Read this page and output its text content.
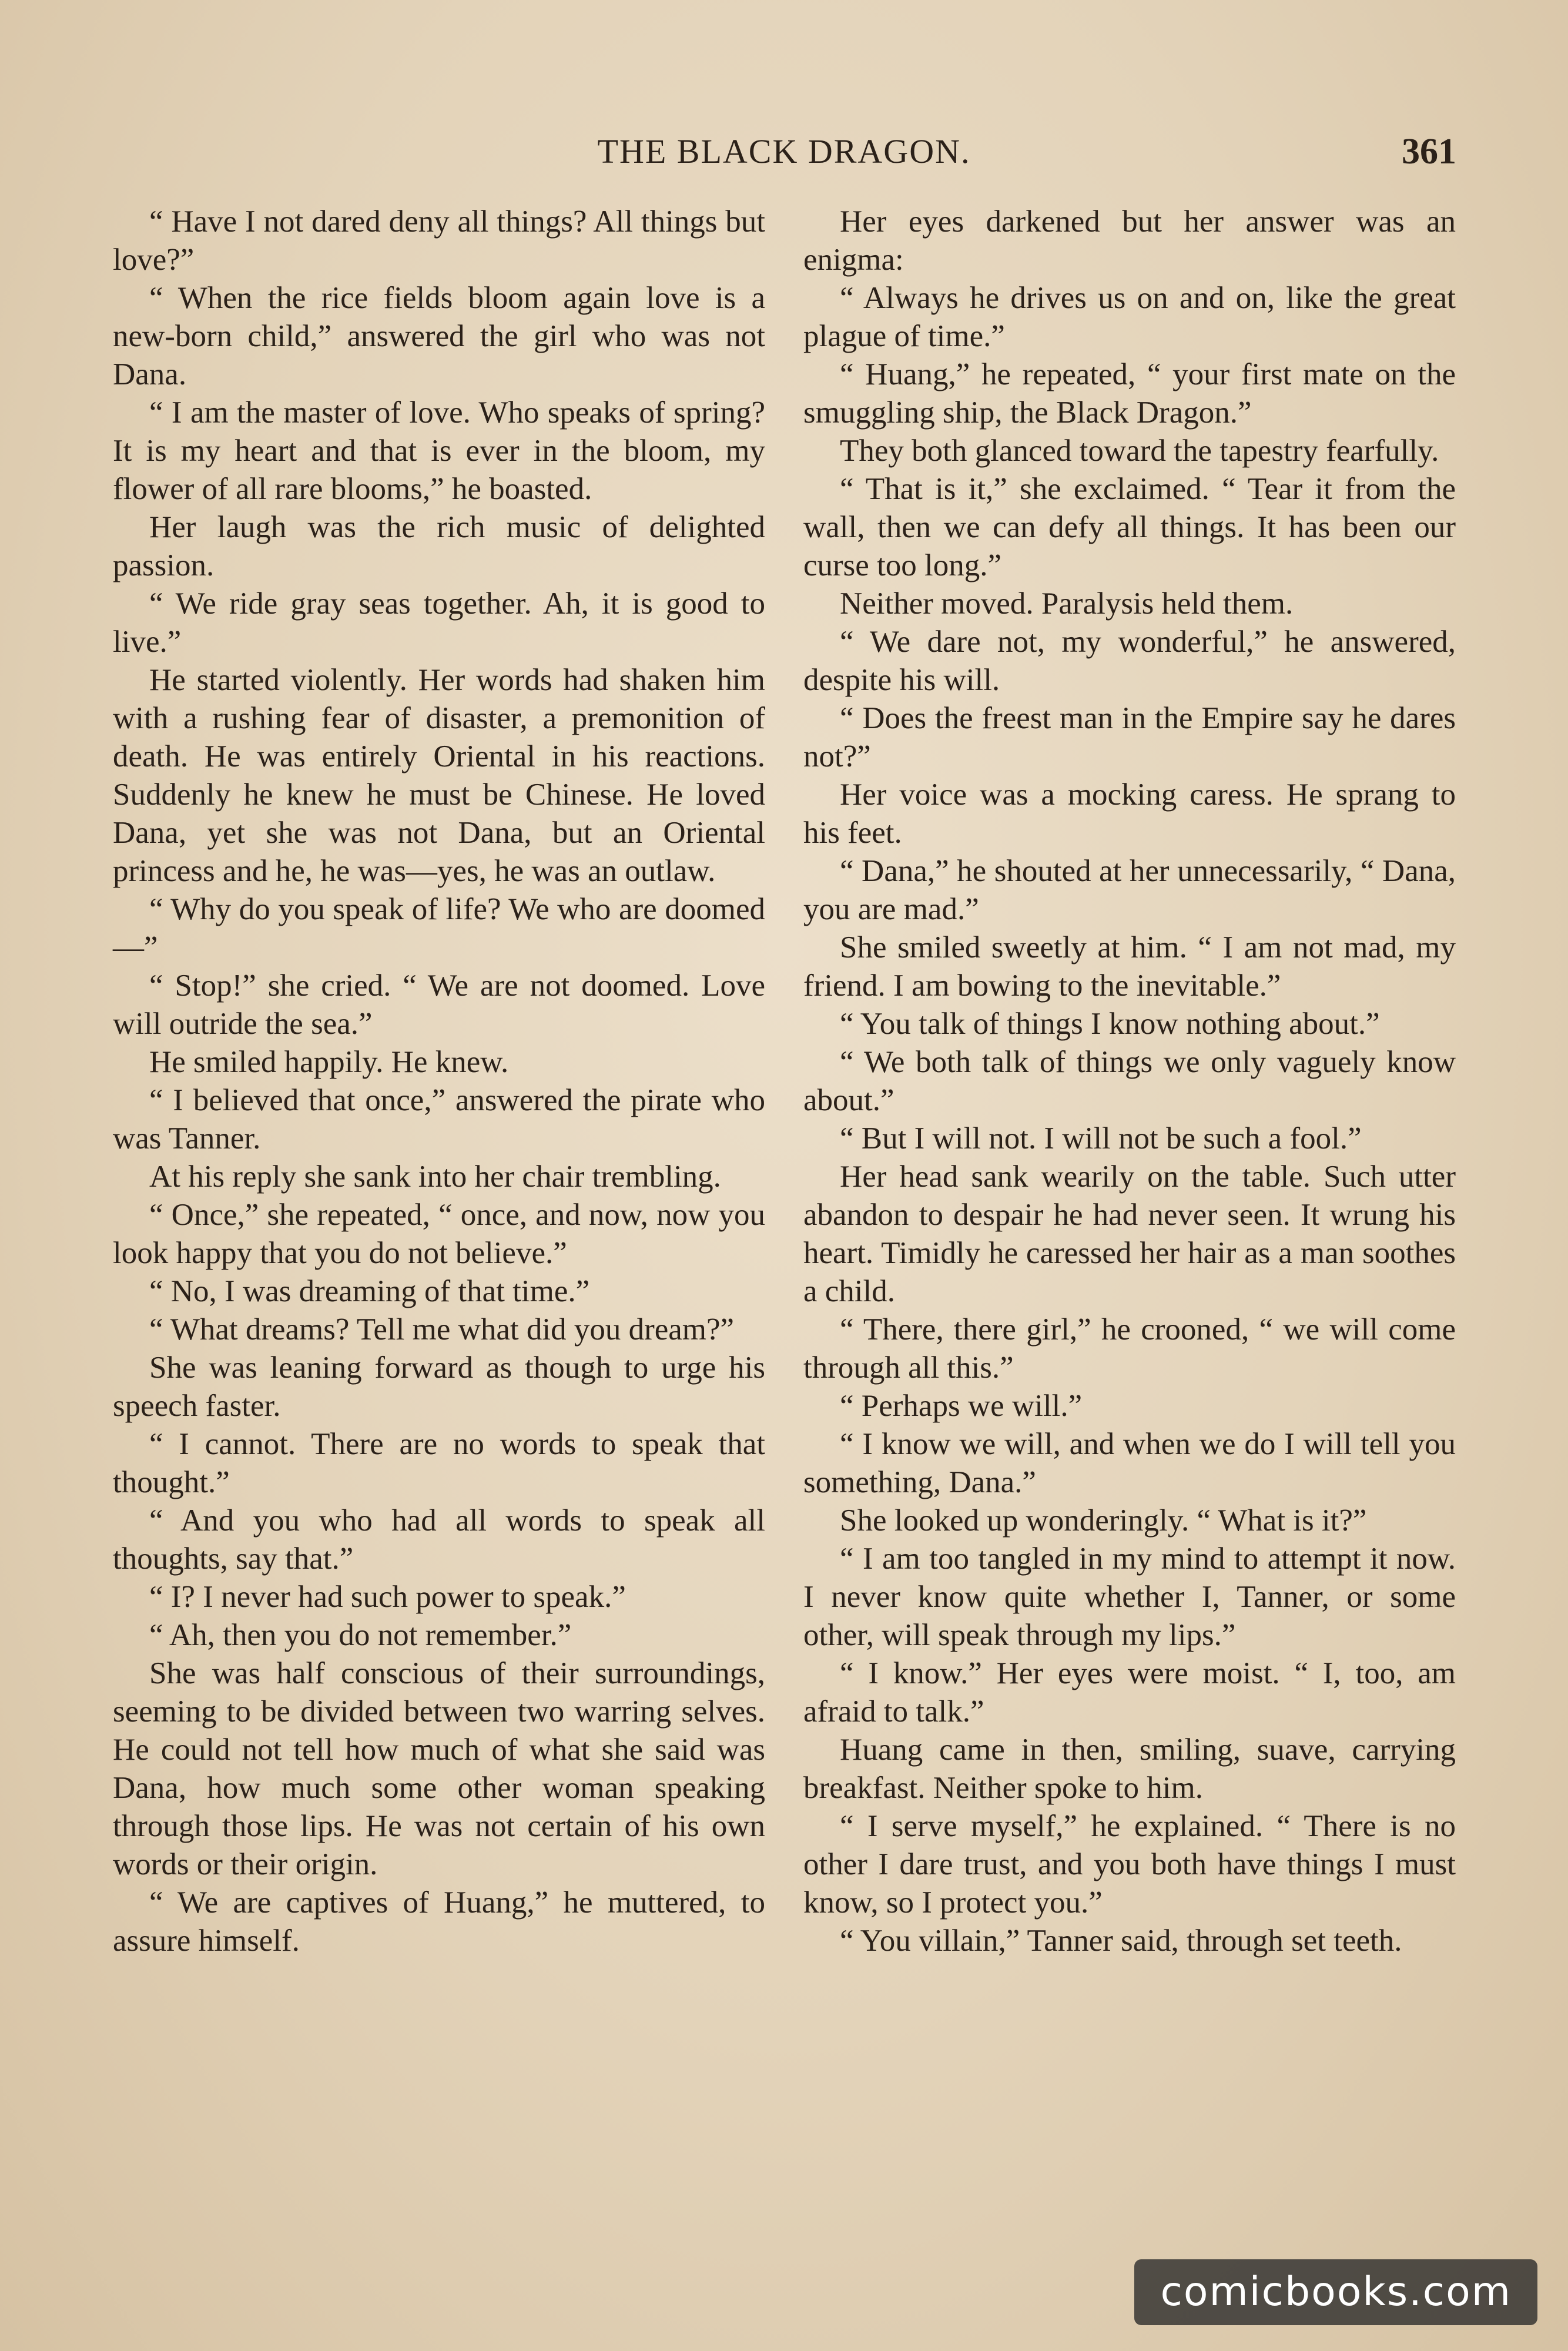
THE BLACK DRAGON.	361

“ Have I not dared deny all things? All things but love?”

“ When the rice fields bloom again love is a new-born child,” answered the girl who was not Dana.

“ I am the master of love. Who speaks of spring? It is my heart and that is ever in the bloom, my flower of all rare blooms,” he boasted.

Her laugh was the rich music of delighted passion.

“ We ride gray seas together. Ah, it is good to live.”

He started violently. Her words had shaken him with a rushing fear of disaster, a premonition of death. He was entirely Oriental in his reactions. Suddenly he knew he must be Chinese. He loved Dana, yet she was not Dana, but an Oriental princess and he, he was—yes, he was an outlaw.

“ Why do you speak of life? We who are doomed—”

“ Stop!” she cried. “ We are not doomed. Love will outride the sea.”

He smiled happily. He knew.

“ I believed that once,” answered the pirate who was Tanner.

At his reply she sank into her chair trembling.

“ Once,” she repeated, “ once, and now, now you look happy that you do not believe.”

“ No, I was dreaming of that time.”

“ What dreams? Tell me what did you dream?”

She was leaning forward as though to urge his speech faster.

“ I cannot. There are no words to speak that thought.”

“ And you who had all words to speak all thoughts, say that.”

“ I? I never had such power to speak.”

“ Ah, then you do not remember.”

She was half conscious of their surroundings, seeming to be divided between two warring selves. He could not tell how much of what she said was Dana, how much some other woman speaking through those lips. He was not certain of his own words or their origin.

“ We are captives of Huang,” he muttered, to assure himself.

Her eyes darkened but her answer was an enigma:

“ Always he drives us on and on, like the great plague of time.”

“ Huang,” he repeated, “ your first mate on the smuggling ship, the Black Dragon.”

They both glanced toward the tapestry fearfully.

“ That is it,” she exclaimed. “ Tear it from the wall, then we can defy all things. It has been our curse too long.”

Neither moved. Paralysis held them.

“ We dare not, my wonderful,” he answered, despite his will.

“ Does the freest man in the Empire say he dares not?”

Her voice was a mocking caress. He sprang to his feet.

“ Dana,” he shouted at her unnecessarily, “ Dana, you are mad.”

She smiled sweetly at him. “ I am not mad, my friend. I am bowing to the inevitable.”

“ You talk of things I know nothing about.”

“ We both talk of things we only vaguely know about.”

“ But I will not. I will not be such a fool.”

Her head sank wearily on the table. Such utter abandon to despair he had never seen. It wrung his heart. Timidly he caressed her hair as a man soothes a child.

“ There, there girl,” he crooned, “ we will come through all this.”

“ Perhaps we will.”

“ I know we will, and when we do I will tell you something, Dana.”

She looked up wonderingly. “ What is it?”

“ I am too tangled in my mind to attempt it now. I never know quite whether I, Tanner, or some other, will speak through my lips.”

“ I know.” Her eyes were moist. “ I, too, am afraid to talk.”

Huang came in then, smiling, suave, carrying breakfast. Neither spoke to him.

“ I serve myself,” he explained. “ There is no other I dare trust, and you both have things I must know, so I protect you.”

“ You villain,” Tanner said, through set teeth.

comicbooks.com
